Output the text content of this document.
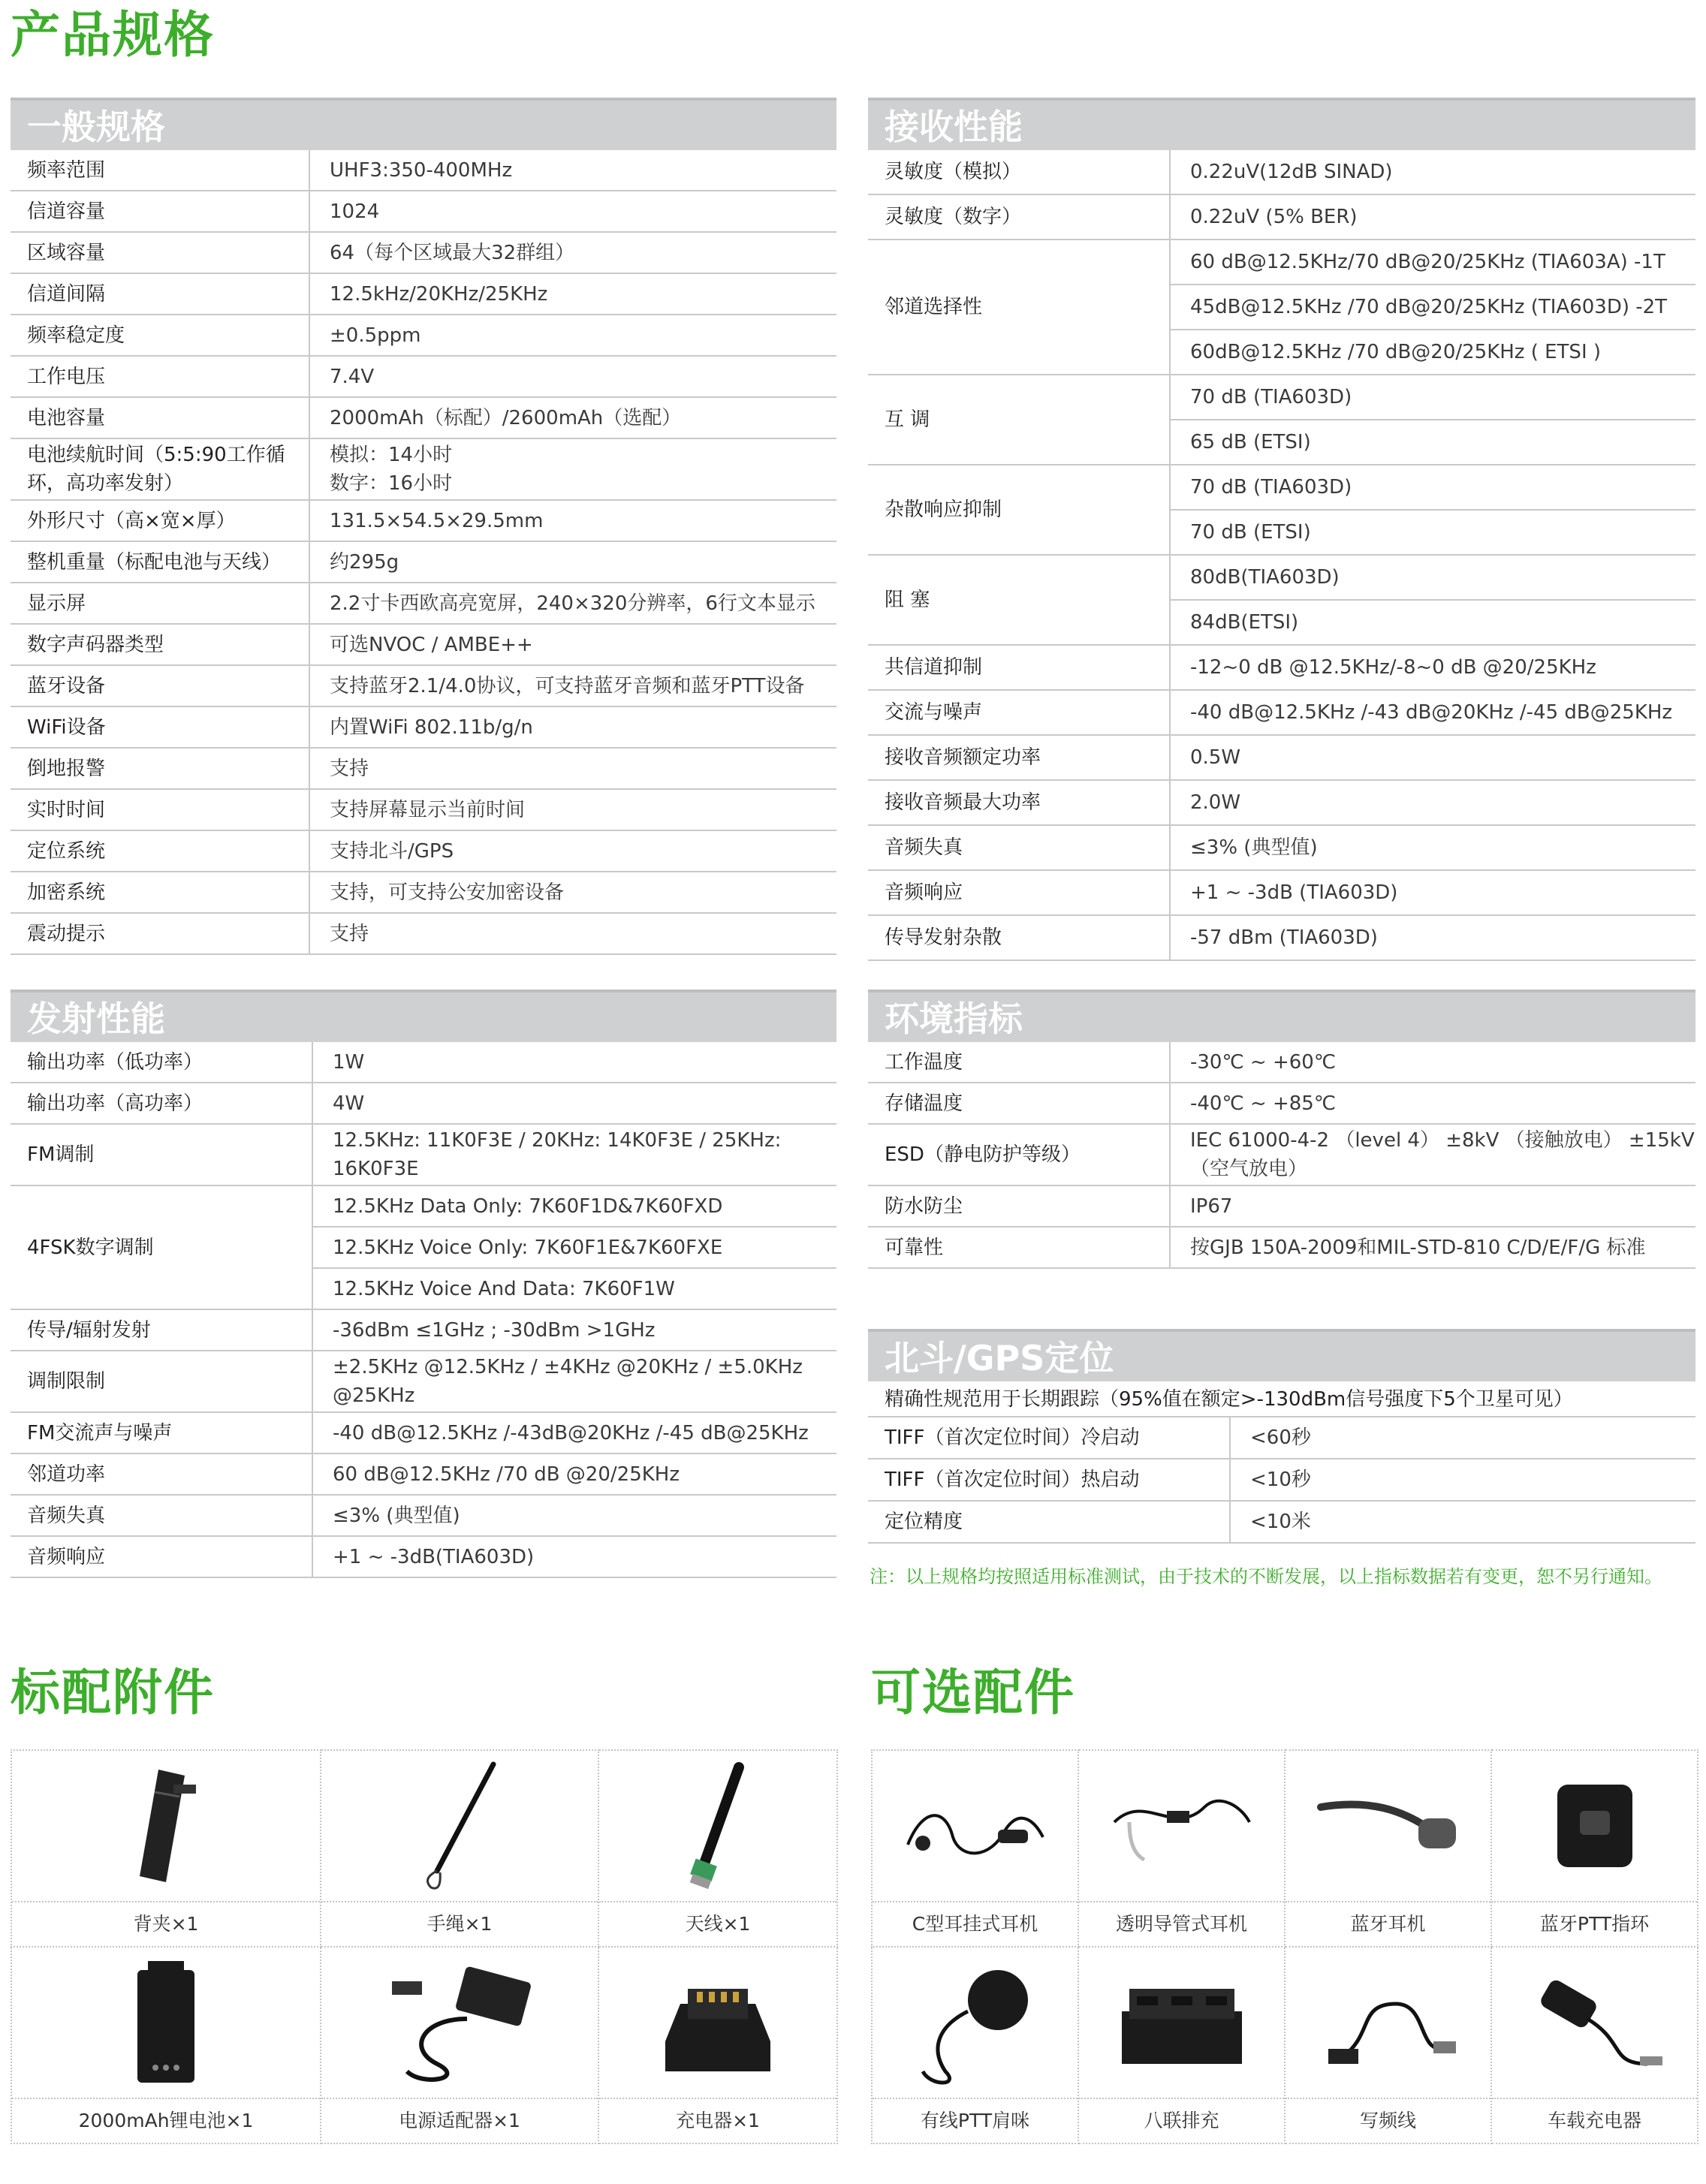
产品规格
一般规格
频率范围	UHF3:350-400MHz
信道容量	1024
区域容量	64（每个区域最大32群组）
信道间隔	12.5kHz/20KHz/25KHz
频率稳定度	±0.5ppm
工作电压	7.4V
电池容量	2000mAh（标配）/2600mAh（选配）
电池续航时间（5:5:90工作循环，高功率发射）	模拟：14小时
数字：16小时
外形尺寸（高×宽×厚）	131.5×54.5×29.5mm
整机重量（标配电池与天线）	约295g
显示屏	2.2寸卡西欧高亮宽屏，240×320分辨率，6行文本显示
数字声码器类型	可选NVOC / AMBE++
蓝牙设备	支持蓝牙2.1/4.0协议，可支持蓝牙音频和蓝牙PTT设备
WiFi设备	内置WiFi 802.11b/g/n
倒地报警	支持
实时时间	支持屏幕显示当前时间
定位系统	支持北斗/GPS
加密系统	支持，可支持公安加密设备
震动提示	支持
接收性能
灵敏度（模拟）	0.22uV(12dB SINAD)
灵敏度（数字）	0.22uV (5% BER)
邻道选择性	60 dB@12.5KHz/70 dB@20/25KHz (TIA603A) -1T
	45dB@12.5KHz /70 dB@20/25KHz (TIA603D) -2T
	60dB@12.5KHz /70 dB@20/25KHz ( ETSI )
互 调	70 dB (TIA603D)
	65 dB (ETSI)
杂散响应抑制	70 dB (TIA603D)
	70 dB (ETSI)
阻 塞	80dB(TIA603D)
	84dB(ETSI)
共信道抑制	-12~0 dB @12.5KHz/-8~0 dB @20/25KHz
交流与噪声	-40 dB@12.5KHz /-43 dB@20KHz /-45 dB@25KHz
接收音频额定功率	0.5W
接收音频最大功率	2.0W
音频失真	≤3% (典型值)
音频响应	+1 ~ -3dB (TIA603D)
传导发射杂散	-57 dBm (TIA603D)
发射性能
输出功率（低功率）	1W
输出功率（高功率）	4W
FM调制	12.5KHz: 11K0F3E / 20KHz: 14K0F3E / 25KHz: 16K0F3E
4FSK数字调制	12.5KHz Data Only: 7K60F1D&7K60FXD
	12.5KHz Voice Only: 7K60F1E&7K60FXE
	12.5KHz Voice And Data: 7K60F1W
传导/辐射发射	-36dBm ≤1GHz ; -30dBm >1GHz
调制限制	±2.5KHz @12.5KHz / ±4KHz @20KHz / ±5.0KHz @25KHz
FM交流声与噪声	-40 dB@12.5KHz /-43dB@20KHz /-45 dB@25KHz
邻道功率	60 dB@12.5KHz /70 dB @20/25KHz
音频失真	≤3% (典型值)
音频响应	+1 ~ -3dB(TIA603D)
环境指标
工作温度	-30℃ ~ +60℃
存储温度	-40℃ ~ +85℃
ESD（静电防护等级）	IEC 61000-4-2 （level 4） ±8kV （接触放电） ±15kV（空气放电）
防水防尘	IP67
可靠性	按GJB 150A-2009和MIL-STD-810 C/D/E/F/G 标准
北斗/GPS定位
精确性规范用于长期跟踪（95%值在额定>-130dBm信号强度下5个卫星可见）
TIFF（首次定位时间）冷启动	<60秒
TIFF（首次定位时间）热启动	<10秒
定位精度	<10米
注：以上规格均按照适用标准测试，由于技术的不断发展，以上指标数据若有变更，恕不另行通知。
标配附件
背夹×1	手绳×1	天线×1

2000mAh锂电池×1	电源适配器×1	充电器×1
可选配件
C型耳挂式耳机	透明导管式耳机	蓝牙耳机	蓝牙PTT指环

有线PTT肩咪	八联排充	写频线	车载充电器
